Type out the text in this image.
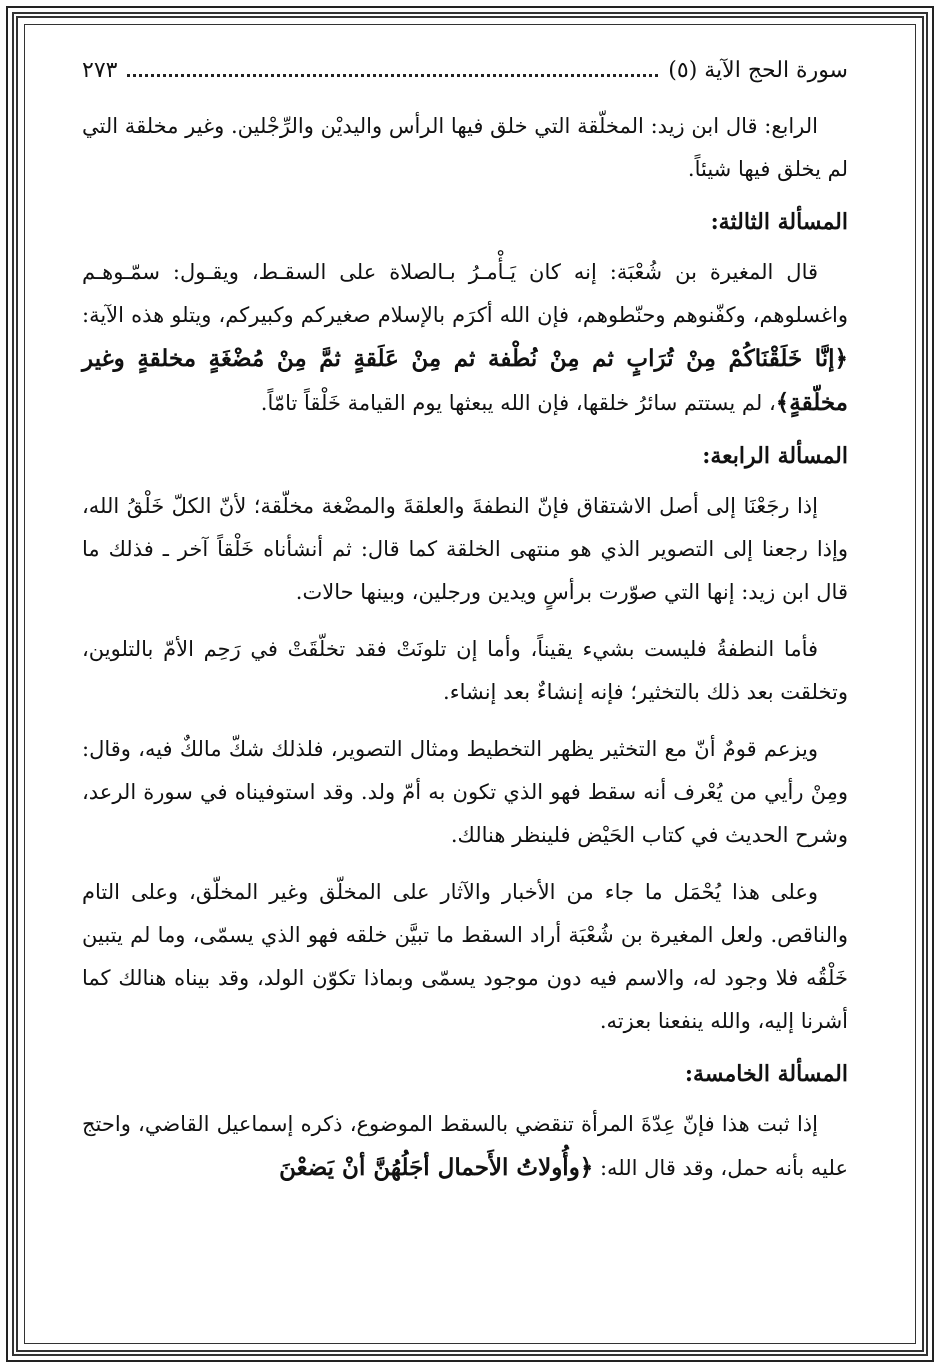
سورة الحج الآية (٥)
٢٧٣

الرابع: قال ابن زيد: المخلّقة التي خلق فيها الرأس واليديْن والرِّجْلين. وغير مخلقة التي لم يخلق فيها شيئاً.

المسألة الثالثة:

قال المغيرة بن شُعْبَة: إنه كان يَـأْمـرُ بـالصلاة على السقـط، ويقـول: سمّـوهـم واغسلوهم، وكفّنوهم وحنّطوهم، فإن الله أكرَم بالإسلام صغيركم وكبيركم، ويتلو هذه الآية: ﴿إنَّا خَلَقْنَاكُمْ مِنْ تُرَابٍ ثم مِنْ نُطْفة ثم مِنْ عَلَقةٍ ثمَّ مِنْ مُضْغَةٍ مخلقةٍ وغير مخلّقةٍ﴾، لم يستتم سائرُ خلقها، فإن الله يبعثها يوم القيامة خَلْقاً تامّاً.

المسألة الرابعة:

إذا رجَعْنَا إلى أصل الاشتقاق فإنّ النطفةَ والعلقةَ والمضْغة مخلّقة؛ لأنّ الكلّ خَلْقُ الله، وإذا رجعنا إلى التصوير الذي هو منتهى الخلقة كما قال: ثم أنشأناه خَلْقاً آخر ـ فذلك ما قال ابن زيد: إنها التي صوّرت برأسٍ ويدين ورجلين، وبينها حالات.

فأما النطفةُ فليست بشيء يقيناً، وأما إن تلونَتْ فقد تخلّقَتْ في رَحِم الأمّ بالتلوين، وتخلقت بعد ذلك بالتخثير؛ فإنه إنشاءٌ بعد إنشاء.

ويزعم قومٌ أنّ مع التخثير يظهر التخطيط ومثال التصوير، فلذلك شكّ مالكٌ فيه، وقال: ومِنْ رأيي من يُعْرف أنه سقط فهو الذي تكون به أمّ ولد. وقد استوفيناه في سورة الرعد، وشرح الحديث في كتاب الحَيْض فلينظر هنالك.

وعلى هذا يُحْمَل ما جاء من الأخبار والآثار على المخلّق وغير المخلّق، وعلى التام والناقص. ولعل المغيرة بن شُعْبَة أراد السقط ما تبيَّن خلقه فهو الذي يسمّى، وما لم يتبين خَلْقُه فلا وجود له، والاسم فيه دون موجود يسمّى وبماذا تكوّن الولد، وقد بيناه هنالك كما أشرنا إليه، والله ينفعنا بعزته.

المسألة الخامسة:

إذا ثبت هذا فإنّ عِدّةَ المرأة تنقضي بالسقط الموضوع، ذكره إسماعيل القاضي، واحتج عليه بأنه حمل، وقد قال الله: ﴿وأُولاتُ الأَحمال أجَلُهُنَّ أنْ يَضعْنَ
